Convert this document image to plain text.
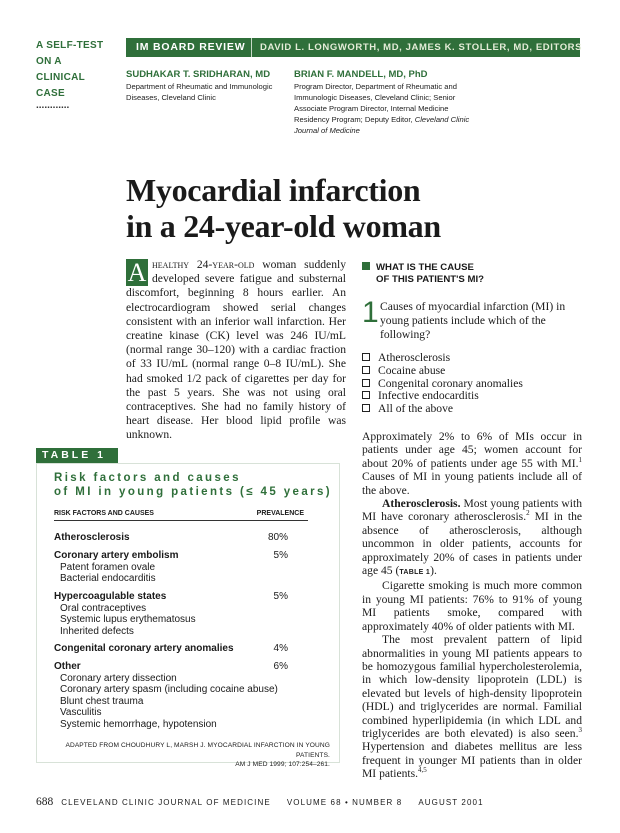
A SELF-TEST
ON A
CLINICAL
CASE
............
IM BOARD REVIEW	DAVID L. LONGWORTH, MD, JAMES K. STOLLER, MD, EDITORS
SUDHAKAR T. SRIDHARAN, MD
Department of Rheumatic and Immunologic
Diseases, Cleveland Clinic
BRIAN F. MANDELL, MD, PhD
Program Director, Department of Rheumatic and
Immunologic Diseases, Cleveland Clinic; Senior
Associate Program Director, Internal Medicine
Residency Program; Deputy Editor, Cleveland Clinic Journal of Medicine
Myocardial infarction
in a 24-year-old woman
A healthy 24-year-old woman suddenly developed severe fatigue and substernal discomfort, beginning 8 hours earlier. An electrocardiogram showed serial changes consistent with an inferior wall infarction. Her creatine kinase (CK) level was 246 IU/mL (normal range 30–120) with a cardiac fraction of 33 IU/mL (normal range 0–8 IU/mL). She had smoked 1/2 pack of cigarettes per day for the past 5 years. She was not using oral contraceptives. She had no family history of heart disease. Her blood lipid profile was unknown.
TABLE 1
Risk factors and causes
of MI in young patients (≤ 45 years)
RISK FACTORS AND CAUSES	PREVALENCE
Atherosclerosis	80%
Coronary artery embolism	5%
Patent foramen ovale
Bacterial endocarditis
Hypercoagulable states	5%
Oral contraceptives
Systemic lupus erythematosus
Inherited defects
Congenital coronary artery anomalies	4%
Other	6%
Coronary artery dissection
Coronary artery spasm (including cocaine abuse)
Blunt chest trauma
Vasculitis
Systemic hemorrhage, hypotension
ADAPTED FROM CHOUDHURY L, MARSH J. MYOCARDIAL INFARCTION IN YOUNG PATIENTS.
AM J MED 1999; 107:254–261.
WHAT IS THE CAUSE
OF THIS PATIENT'S MI?
1 Causes of myocardial infarction (MI) in young patients include which of the following?
Atherosclerosis
Cocaine abuse
Congenital coronary anomalies
Infective endocarditis
All of the above

Approximately 2% to 6% of MIs occur in patients under age 45; women account for about 20% of patients under age 55 with MI.$^1$ Causes of MI in young patients include all of the above.

Atherosclerosis. Most young patients with MI have coronary atherosclerosis.$^2$ MI in the absence of atherosclerosis, although uncommon in older patients, accounts for approximately 20% of cases in patients under age 45 (TABLE 1).

Cigarette smoking is much more common in young MI patients: 76% to 91% of young MI patients smoke, compared with approximately 40% of older patients with MI.

The most prevalent pattern of lipid abnormalities in young MI patients appears to be homozygous familial hypercholesterolemia, in which low-density lipoprotein (LDL) is elevated but levels of high-density lipoprotein (HDL) and triglycerides are normal. Familial combined hyperlipidemia (in which LDL and triglycerides are both elevated) is also seen.$^3$ Hypertension and diabetes mellitus are less frequent in younger MI patients than in older MI patients.$^{4,5}$

688 CLEVELAND CLINIC JOURNAL OF MEDICINE VOLUME 68 • NUMBER 8 AUGUST 2001
